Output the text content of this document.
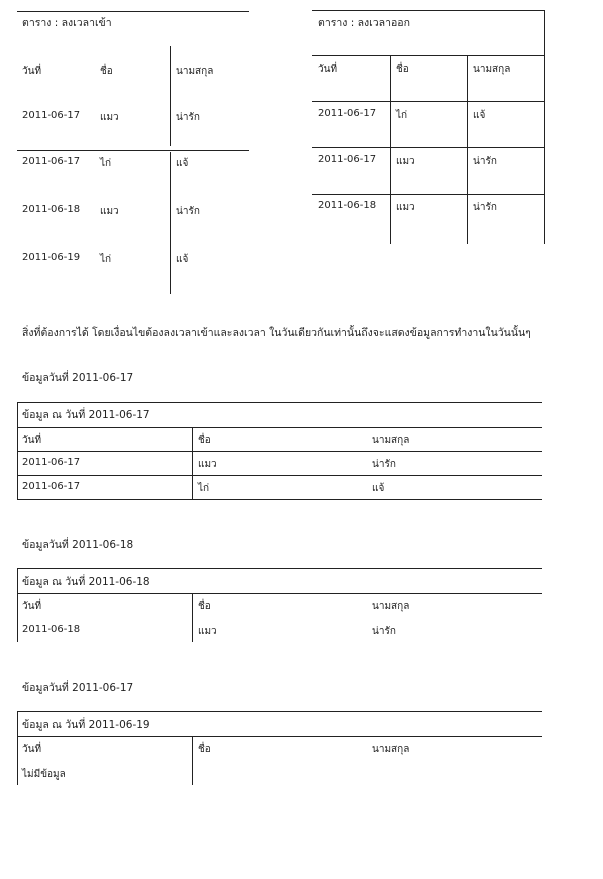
ตาราง : ลงเวลาเข้า
วันที่	ชื่อ	นามสกุล
2011-06-17 แมว	น่ารัก
2011-06-17 ไก่	แจ้
2011-06-18 แมว	น่ารัก
2011-06-19 ไก่	แจ้
ตาราง : ลงเวลาออก
วันที่	ชื่อ	นามสกุล
2011-06-17 ไก่	แจ้
2011-06-17 แมว	น่ารัก
2011-06-18 แมว	น่ารัก
สิ่งที่ต้องการได้ โดยเงื่อนไขต้องลงเวลาเข้าและลงเวลา ในวันเดียวกันเท่านั้นถึงจะแสดงข้อมูลการทำงานในวันนั้นๆ
ข้อมูลวันที่ 2011-06-17
ข้อมูล ณ วันที่ 2011-06-17
วันที่	ชื่อ	นามสกุล
2011-06-17	แมว	น่ารัก
2011-06-17	ไก่	แจ้
ข้อมูลวันที่ 2011-06-18
ข้อมูล ณ วันที่ 2011-06-18
วันที่	ชื่อ	นามสกุล
2011-06-18	แมว	น่ารัก
ข้อมูลวันที่ 2011-06-17
ข้อมูล ณ วันที่ 2011-06-19
วันที่	ชื่อ	นามสกุล
ไม่มีข้อมูล
